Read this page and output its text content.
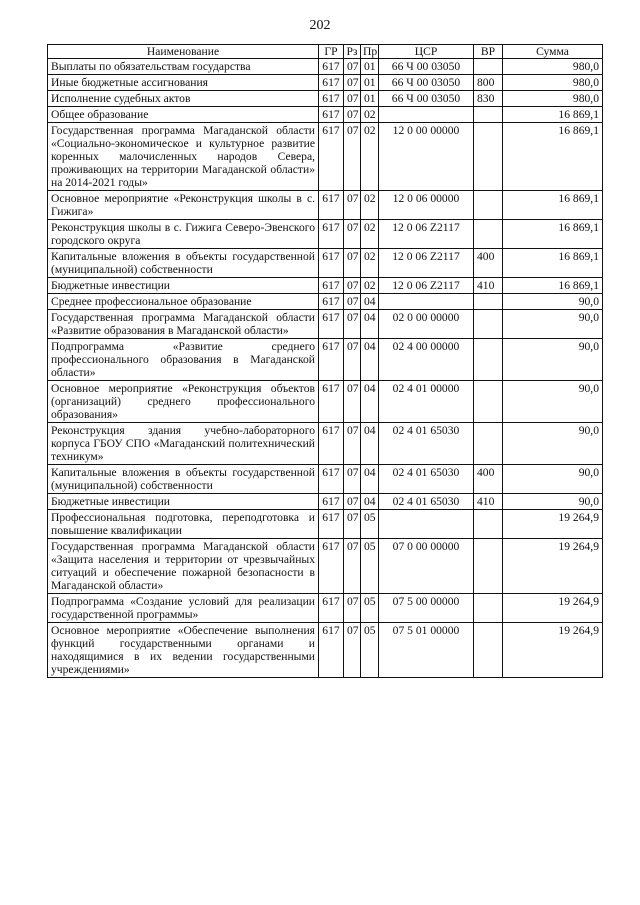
202
Наименование	ГР	Рз	Пр	ЦСР	ВР	Сумма
Выплаты по обязательствам государства	617	07	01	66 Ч 00 03050		980,0
Иные бюджетные ассигнования	617	07	01	66 Ч 00 03050	800	980,0
Исполнение судебных актов	617	07	01	66 Ч 00 03050	830	980,0
Общее образование	617	07	02			16 869,1
Государственная программа Магаданской области «Социально-экономическое и культурное развитие коренных малочисленных народов Севера, проживающих на территории Магаданской области» на 2014-2021 годы»	617	07	02	12 0 00 00000		16 869,1
Основное мероприятие «Реконструкция школы в с. Гижига»	617	07	02	12 0 06 00000		16 869,1
Реконструкция школы в с. Гижига Северо-Эвенского городского округа	617	07	02	12 0 06 Z2117		16 869,1
Капитальные вложения в объекты государственной (муниципальной) собственности	617	07	02	12 0 06 Z2117	400	16 869,1
Бюджетные инвестиции	617	07	02	12 0 06 Z2117	410	16 869,1
Среднее профессиональное образование	617	07	04			90,0
Государственная программа Магаданской области «Развитие образования в Магаданской области»	617	07	04	02 0 00 00000		90,0
Подпрограмма «Развитие среднего профессионального образования в Магаданской области»	617	07	04	02 4 00 00000		90,0
Основное мероприятие «Реконструкция объектов (организаций) среднего профессионального образования»	617	07	04	02 4 01 00000		90,0
Реконструкция здания учебно-лабораторного корпуса ГБОУ СПО «Магаданский политехнический техникум»	617	07	04	02 4 01 65030		90,0
Капитальные вложения в объекты государственной (муниципальной) собственности	617	07	04	02 4 01 65030	400	90,0
Бюджетные инвестиции	617	07	04	02 4 01 65030	410	90,0
Профессиональная подготовка, переподготовка и повышение квалификации	617	07	05			19 264,9
Государственная программа Магаданской области «Защита населения и территории от чрезвычайных ситуаций и обеспечение пожарной безопасности в Магаданской области»	617	07	05	07 0 00 00000		19 264,9
Подпрограмма «Создание условий для реализации государственной программы»	617	07	05	07 5 00 00000		19 264,9
Основное мероприятие «Обеспечение выполнения функций государственными органами и находящимися в их ведении государственными учреждениями»	617	07	05	07 5 01 00000		19 264,9
